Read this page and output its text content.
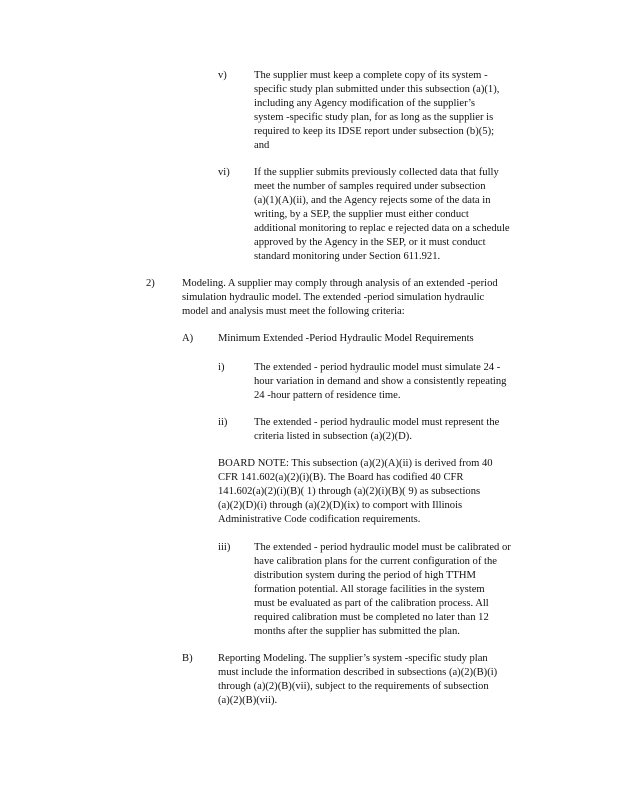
v)	The supplier must keep a complete copy of its system -

specific study plan submitted under this subsection (a)(1),

including any Agency modification of the supplier’s

system -specific study plan, for as long as the supplier is

required to keep its IDSE report under subsection (b)(5);

and

vi) If the supplier submits previously collected data that fully

meet the number of samples required under subsection

(a)(1)(A)(ii), and the Agency rejects some of the data in

writing, by a SEP, the supplier must either conduct

additional monitoring to replac e rejected data on a schedule

approved by the Agency in the SEP, or it must conduct

standard monitoring under Section 611.921.

2)	Modeling. A supplier may comply through analysis of an extended -period

simulation hydraulic model. The extended -period simulation hydraulic

model and analysis must meet the following criteria:

A) Minimum Extended -Period Hydraulic Model Requirements

i)	The extended - period hydraulic model must simulate 24 -

hour variation in demand and show a consistently repeating

24 -hour pattern of residence time.

ii)	The extended - period hydraulic model must represent the

criteria listed in subsection (a)(2)(D).

BOARD NOTE: This subsection (a)(2)(A)(ii) is derived from 40

CFR 141.602(a)(2)(i)(B). The Board has codified 40 CFR

141.602(a)(2)(i)(B)( 1) through (a)(2)(i)(B)( 9) as subsections

(a)(2)(D)(i) through (a)(2)(D)(ix) to comport with Illinois

Administrative Code codification requirements.

iii) The extended - period hydraulic model must be calibrated or

have calibration plans for the current configuration of the

distribution system during the period of high TTHM

formation potential. All storage facilities in the system

must be evaluated as part of the calibration process. All

required calibration must be completed no later than 12

months after the supplier has submitted the plan.

B) Reporting Modeling. The supplier’s system -specific study plan

must include the information described in subsections (a)(2)(B)(i)

through (a)(2)(B)(vii), subject to the requirements of subsection

(a)(2)(B)(vii).
